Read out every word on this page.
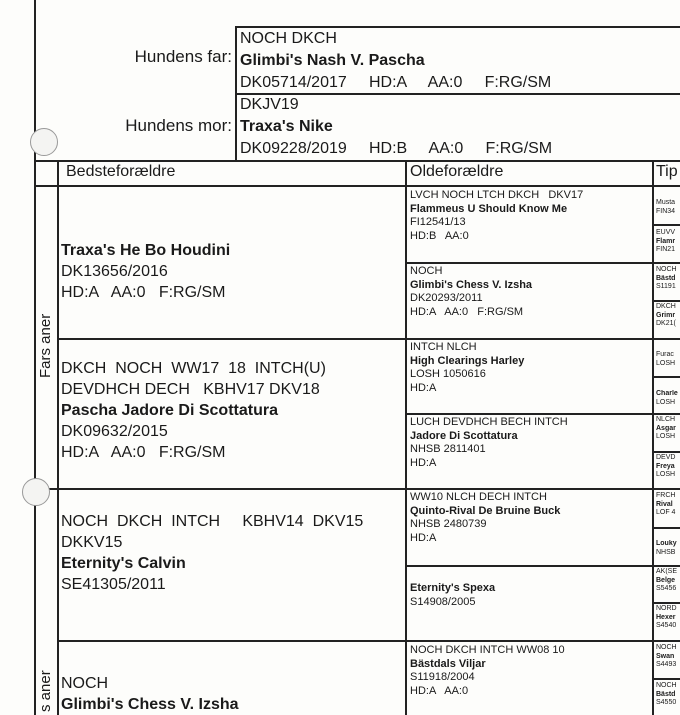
Hundens far:
NOCH DKCH
Glimbi's Nash V. Pascha
DK05714/2017     HD:A     AA:0     F:RG/SM
Hundens mor:
DKJV19
Traxa's Nike
DK09228/2019     HD:B     AA:0     F:RG/SM
Bedsteforældre	Oldeforældre	Tip
Fars aner
s aner
Traxa's He Bo Houdini
DK13656/2016
HD:A   AA:0   F:RG/SM
DKCH  NOCH  WW17  18  INTCH(U)
DEVDHCH DECH   KBHV17 DKV18
Pascha Jadore Di Scottatura
DK09632/2015
HD:A   AA:0   F:RG/SM
NOCH  DKCH  INTCH     KBHV14  DKV15
DKKV15
Eternity's Calvin
SE41305/2011
NOCH
Glimbi's Chess V. Izsha
LVCH NOCH LTCH DKCH   DKV17
Flammeus U Should Know Me
FI12541/13
HD:B   AA:0
NOCH
Glimbi's Chess V. Izsha
DK20293/2011
HD:A   AA:0   F:RG/SM
INTCH NLCH
High Clearings Harley
LOSH 1050616
HD:A
LUCH DEVDHCH BECH INTCH
Jadore Di Scottatura
NHSB 2811401
HD:A
WW10 NLCH DECH INTCH
Quinto-Rival De Bruine Buck
NHSB 2480739
HD:A
Eternity's Spexa
S14908/2005
NOCH DKCH INTCH WW08 10
Bästdals Viljar
S11918/2004
HD:A   AA:0
Musta
FIN34
EUVV
Flamr
FIN21
NOCH
Bästd
S1191
DKCH
Grimr
DK21(
Furac
LOSH
Charle
LOSH
NLCH
Asgar
LOSH
DEVD
Freya
LOSH
FRCH
Rival
LOF 4
Louky
NHSB
AK(SE
Belge
S5456
NORD
Hexer
S4540
NOCH
Swan
S4493
NOCH
Bästd
S4550
